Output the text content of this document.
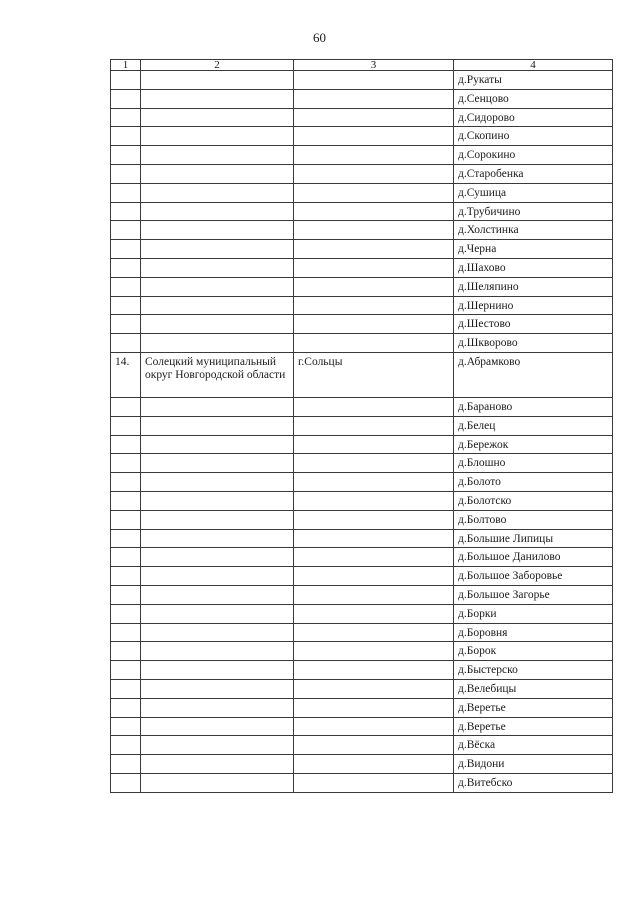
60
1	2	3	4
			д.Рукаты
			д.Сенцово
			д.Сидорово
			д.Скопино
			д.Сорокино
			д.Старобенка
			д.Сушица
			д.Трубичино
			д.Холстинка
			д.Черна
			д.Шахово
			д.Шеляпино
			д.Шернино
			д.Шестово
			д.Шкворово
14.	Солецкий муниципальный округ Новгородской области	г.Сольцы	д.Абрамково
			д.Бараново
			д.Белец
			д.Бережок
			д.Блошно
			д.Болото
			д.Болотско
			д.Болтово
			д.Большие Липицы
			д.Большое Данилово
			д.Большое Заборовье
			д.Большое Загорье
			д.Борки
			д.Боровня
			д.Борок
			д.Быстерско
			д.Велебицы
			д.Веретье
			д.Веретье
			д.Вёска
			д.Видони
			д.Витебско
